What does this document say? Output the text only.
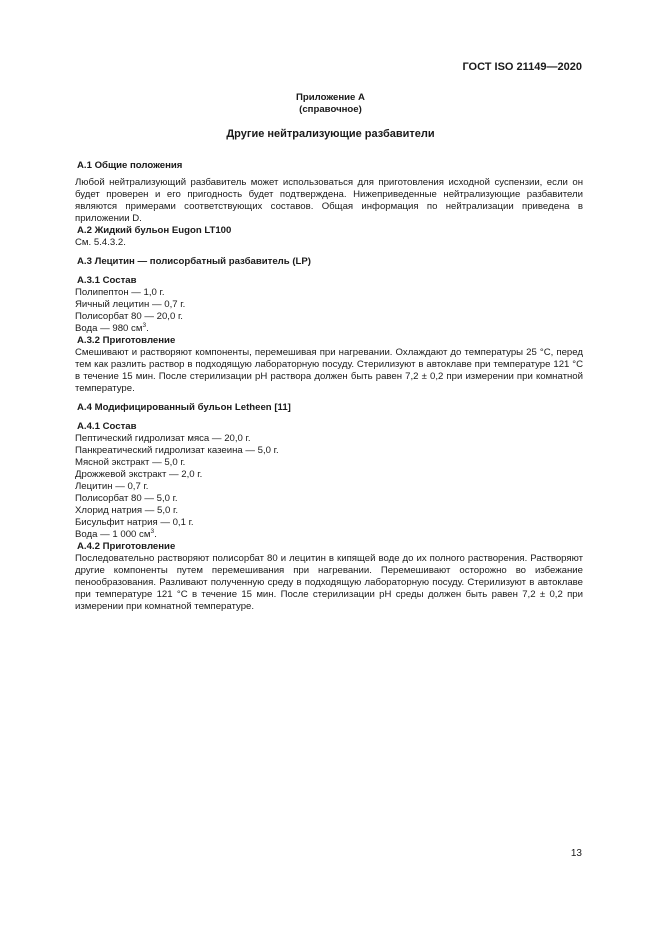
ГОСТ ISO 21149—2020
Приложение А
(справочное)
Другие нейтрализующие разбавители
А.1 Общие положения
Любой нейтрализующий разбавитель может использоваться для приготовления исходной суспензии, если он будет проверен и его пригодность будет подтверждена. Нижеприведенные нейтрализующие разбавители являются примерами соответствующих составов. Общая информация по нейтрализации приведена в приложении D.
А.2 Жидкий бульон Eugon LT100
См. 5.4.3.2.
А.3 Лецитин — полисорбатный разбавитель (LP)
А.3.1 Состав
Полипептон — 1,0 г.
Яичный лецитин — 0,7 г.
Полисорбат 80 — 20,0 г.
Вода — 980 $см^3$.
А.3.2 Приготовление
Смешивают и растворяют компоненты, перемешивая при нагревании. Охлаждают до температуры 25 °С, перед тем как разлить раствор в подходящую лабораторную посуду. Стерилизуют в автоклаве при температуре 121 °С в течение 15 мин. После стерилизации рН раствора должен быть равен 7,2 ± 0,2 при измерении при комнатной температуре.
А.4 Модифицированный бульон Letheen [11]
А.4.1 Состав
Пептический гидролизат мяса — 20,0 г.
Панкреатический гидролизат казеина — 5,0 г.
Мясной экстракт — 5,0 г.
Дрожжевой экстракт — 2,0 г.
Лецитин — 0,7 г.
Полисорбат 80 — 5,0 г.
Хлорид натрия — 5,0 г.
Бисульфит натрия — 0,1 г.
Вода — 1 000 $см^3$.
А.4.2 Приготовление
Последовательно растворяют полисорбат 80 и лецитин в кипящей воде до их полного растворения. Растворяют другие компоненты путем перемешивания при нагревании. Перемешивают осторожно во избежание пенообразования. Разливают полученную среду в подходящую лабораторную посуду. Стерилизуют в автоклаве при температуре 121 °С в течение 15 мин. После стерилизации рН среды должен быть равен 7,2 ± 0,2 при измерении при комнатной температуре.
13
